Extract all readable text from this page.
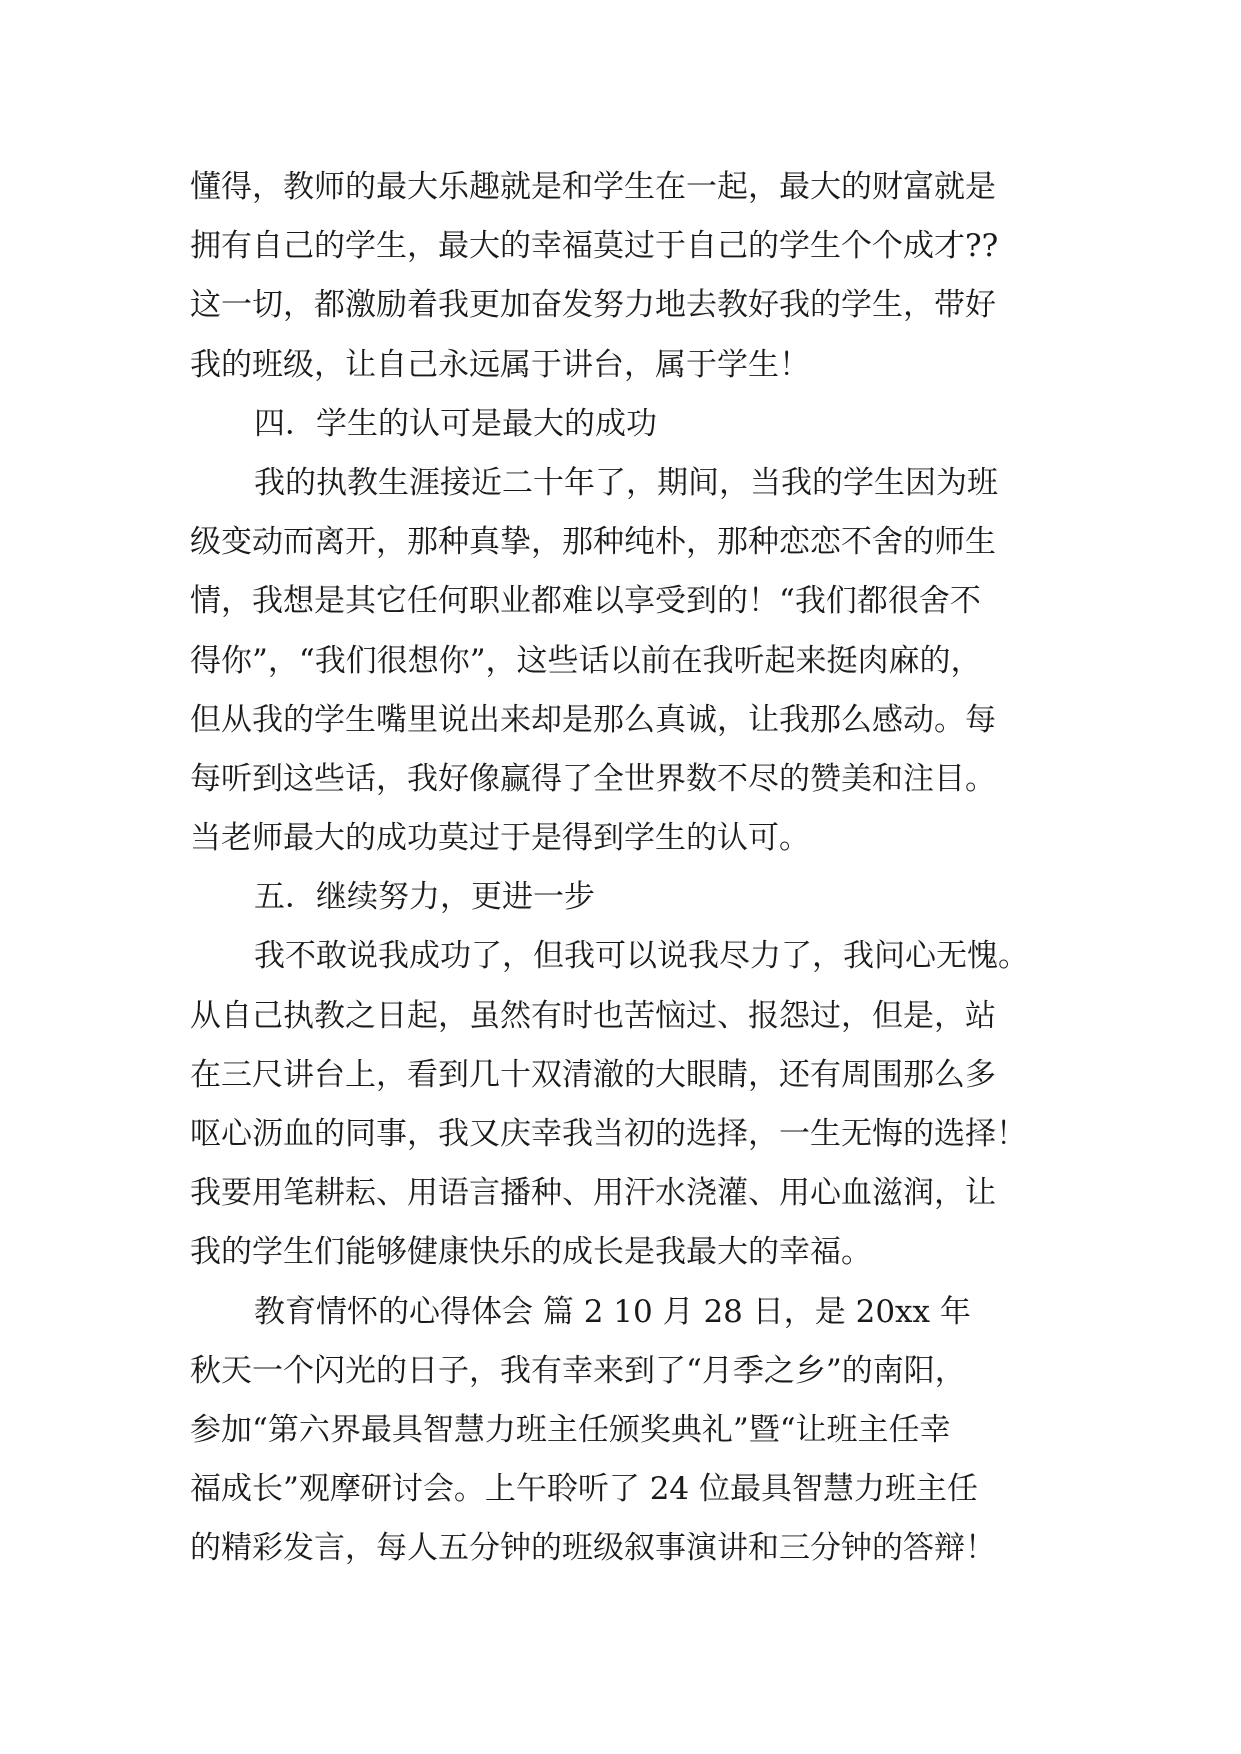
懂得，教师的最大乐趣就是和学生在一起，最大的财富就是
拥有自己的学生，最大的幸福莫过于自己的学生个个成才??
这一切，都激励着我更加奋发努力地去教好我的学生，带好
我的班级，让自己永远属于讲台，属于学生！
四．学生的认可是最大的成功
我的执教生涯接近二十年了，期间，当我的学生因为班
级变动而离开，那种真挚，那种纯朴，那种恋恋不舍的师生
情，我想是其它任何职业都难以享受到的！“我们都很舍不
得你”，“我们很想你”，这些话以前在我听起来挺肉麻的，
但从我的学生嘴里说出来却是那么真诚，让我那么感动。每
每听到这些话，我好像赢得了全世界数不尽的赞美和注目。
当老师最大的成功莫过于是得到学生的认可。
五．继续努力，更进一步
我不敢说我成功了，但我可以说我尽力了，我问心无愧。
从自己执教之日起，虽然有时也苦恼过、报怨过，但是，站
在三尺讲台上，看到几十双清澈的大眼睛，还有周围那么多
呕心沥血的同事，我又庆幸我当初的选择，一生无悔的选择！
我要用笔耕耘、用语言播种、用汗水浇灌、用心血滋润，让
我的学生们能够健康快乐的成长是我最大的幸福。
教育情怀的心得体会 篇 2 10 月 28 日，是 20xx 年
秋天一个闪光的日子，我有幸来到了“月季之乡”的南阳，
参加“第六界最具智慧力班主任颁奖典礼”暨“让班主任幸
福成长”观摩研讨会。上午聆听了 24 位最具智慧力班主任
的精彩发言，每人五分钟的班级叙事演讲和三分钟的答辩！
